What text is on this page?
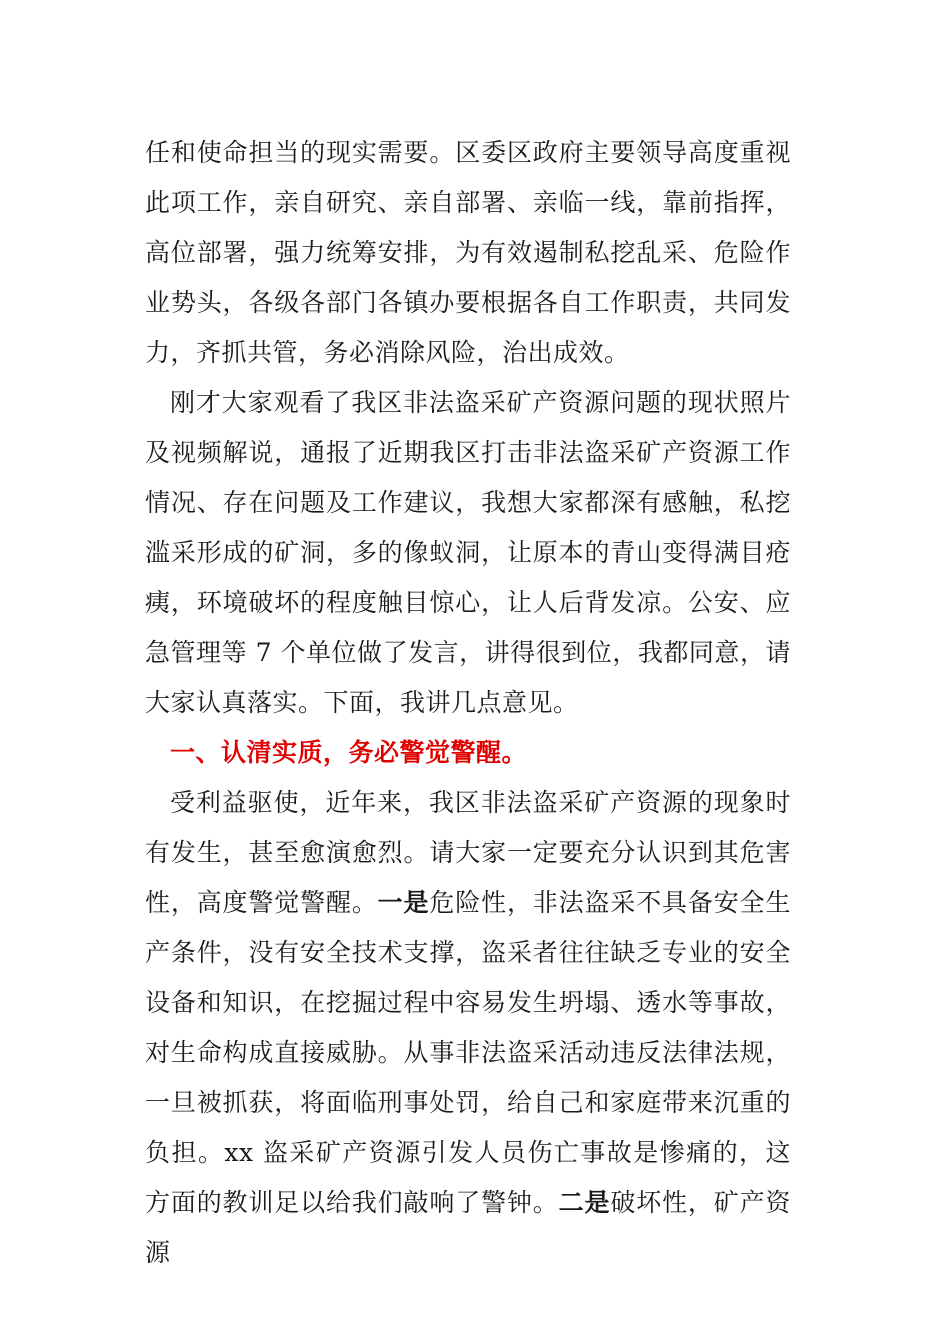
任和使命担当的现实需要。区委区政府主要领导高度重视此项工作，亲自研究、亲自部署、亲临一线，靠前指挥，高位部署，强力统筹安排，为有效遏制私挖乱采、危险作业势头，各级各部门各镇办要根据各自工作职责，共同发力，齐抓共管，务必消除风险，治出成效。

刚才大家观看了我区非法盗采矿产资源问题的现状照片及视频解说，通报了近期我区打击非法盗采矿产资源工作情况、存在问题及工作建议，我想大家都深有感触，私挖滥采形成的矿洞，多的像蚁洞，让原本的青山变得满目疮痍，环境破坏的程度触目惊心，让人后背发凉。公安、应急管理等 7 个单位做了发言，讲得很到位，我都同意，请大家认真落实。下面，我讲几点意见。

一、认清实质，务必警觉警醒。

受利益驱使，近年来，我区非法盗采矿产资源的现象时有发生，甚至愈演愈烈。请大家一定要充分认识到其危害性，高度警觉警醒。一是危险性，非法盗采不具备安全生产条件，没有安全技术支撑，盗采者往往缺乏专业的安全设备和知识，在挖掘过程中容易发生坍塌、透水等事故，对生命构成直接威胁。从事非法盗采活动违反法律法规，一旦被抓获，将面临刑事处罚，给自己和家庭带来沉重的负担。xx 盗采矿产资源引发人员伤亡事故是惨痛的，这方面的教训足以给我们敲响了警钟。二是破坏性，矿产资源
